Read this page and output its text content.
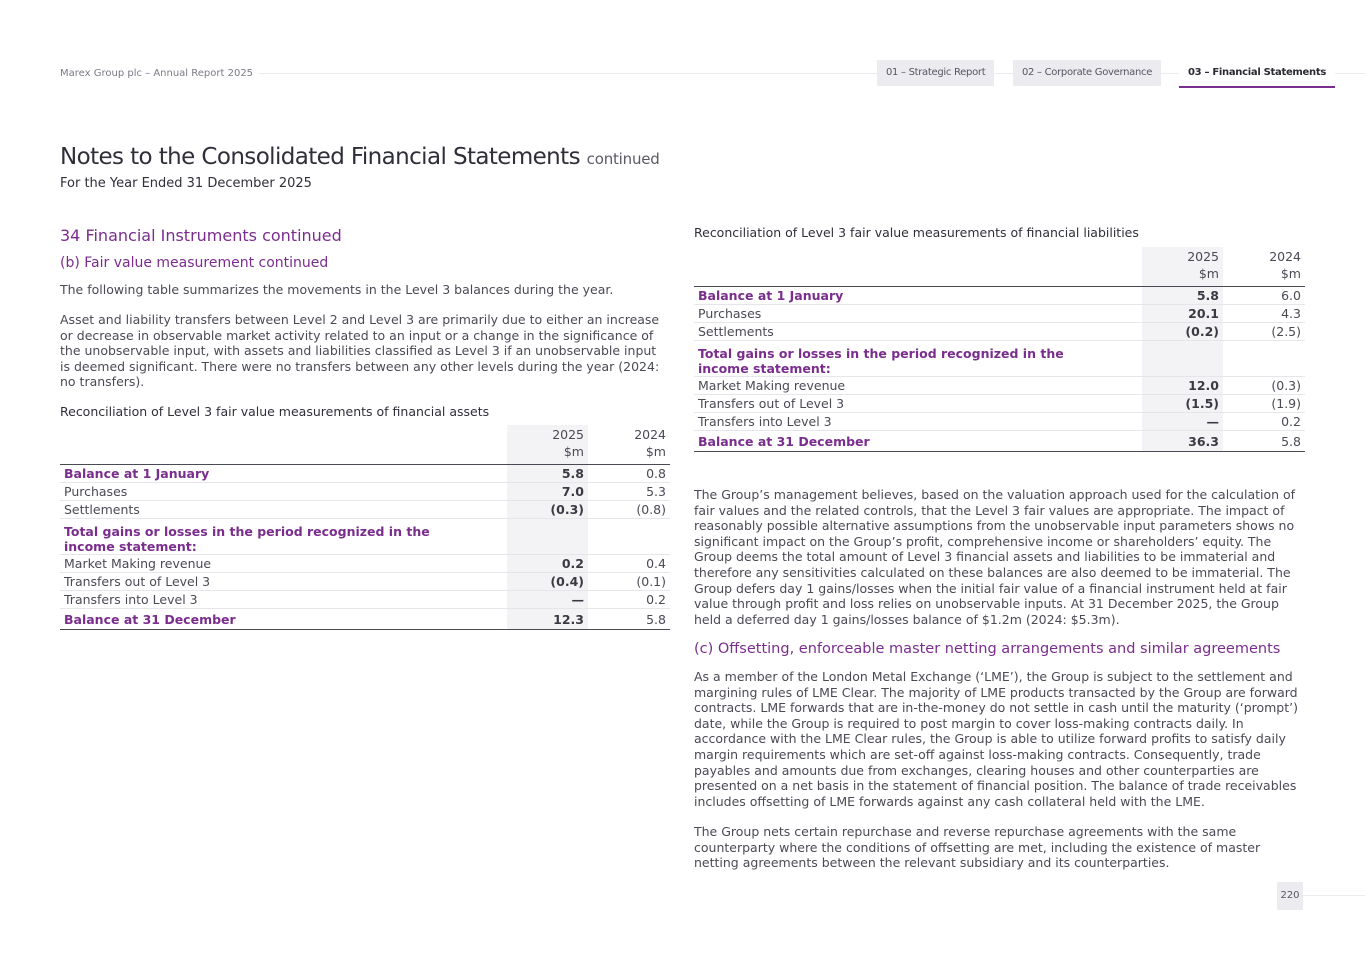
Marex Group plc – Annual Report 2025	01 – Strategic Report	02 – Corporate Governance	03 – Financial Statements
Notes to the Consolidated Financial Statements continued
For the Year Ended 31 December 2025
34 Financial Instruments continued
(b) Fair value measurement continued

The following table summarizes the movements in the Level 3 balances during the year.

Asset and liability transfers between Level 2 and Level 3 are primarily due to either an increase or decrease in observable market activity related to an input or a change in the significance of the unobservable input, with assets and liabilities classified as Level 3 if an unobservable input is deemed significant. There were no transfers between any other levels during the year (2024: no transfers).

Reconciliation of Level 3 fair value measurements of financial assets
	2025	2024
	$m	$m
Balance at 1 January	5.8	0.8
Purchases	7.0	5.3
Settlements	(0.3)	(0.8)
Total gains or losses in the period recognized in the income statement:		
Market Making revenue	0.2	0.4
Transfers out of Level 3	(0.4)	(0.1)
Transfers into Level 3	—	0.2
Balance at 31 December	12.3	5.8
Reconciliation of Level 3 fair value measurements of financial liabilities
	2025	2024
	$m	$m
Balance at 1 January	5.8	6.0
Purchases	20.1	4.3
Settlements	(0.2)	(2.5)
Total gains or losses in the period recognized in the income statement:		
Market Making revenue	12.0	(0.3)
Transfers out of Level 3	(1.5)	(1.9)
Transfers into Level 3	—	0.2
Balance at 31 December	36.3	5.8

The Group’s management believes, based on the valuation approach used for the calculation of fair values and the related controls, that the Level 3 fair values are appropriate. The impact of reasonably possible alternative assumptions from the unobservable input parameters shows no significant impact on the Group’s profit, comprehensive income or shareholders’ equity. The Group deems the total amount of Level 3 financial assets and liabilities to be immaterial and therefore any sensitivities calculated on these balances are also deemed to be immaterial. The Group defers day 1 gains/losses when the initial fair value of a financial instrument held at fair value through profit and loss relies on unobservable inputs. At 31 December 2025, the Group held a deferred day 1 gains/losses balance of $1.2m (2024: $5.3m).

(c) Offsetting, enforceable master netting arrangements and similar agreements

As a member of the London Metal Exchange (‘LME’), the Group is subject to the settlement and margining rules of LME Clear. The majority of LME products transacted by the Group are forward contracts. LME forwards that are in-the-money do not settle in cash until the maturity (‘prompt’) date, while the Group is required to post margin to cover loss-making contracts daily. In accordance with the LME Clear rules, the Group is able to utilize forward profits to satisfy daily margin requirements which are set-off against loss-making contracts. Consequently, trade payables and amounts due from exchanges, clearing houses and other counterparties are presented on a net basis in the statement of financial position. The balance of trade receivables includes offsetting of LME forwards against any cash collateral held with the LME.

The Group nets certain repurchase and reverse repurchase agreements with the same counterparty where the conditions of offsetting are met, including the existence of master netting agreements between the relevant subsidiary and its counterparties.

220
